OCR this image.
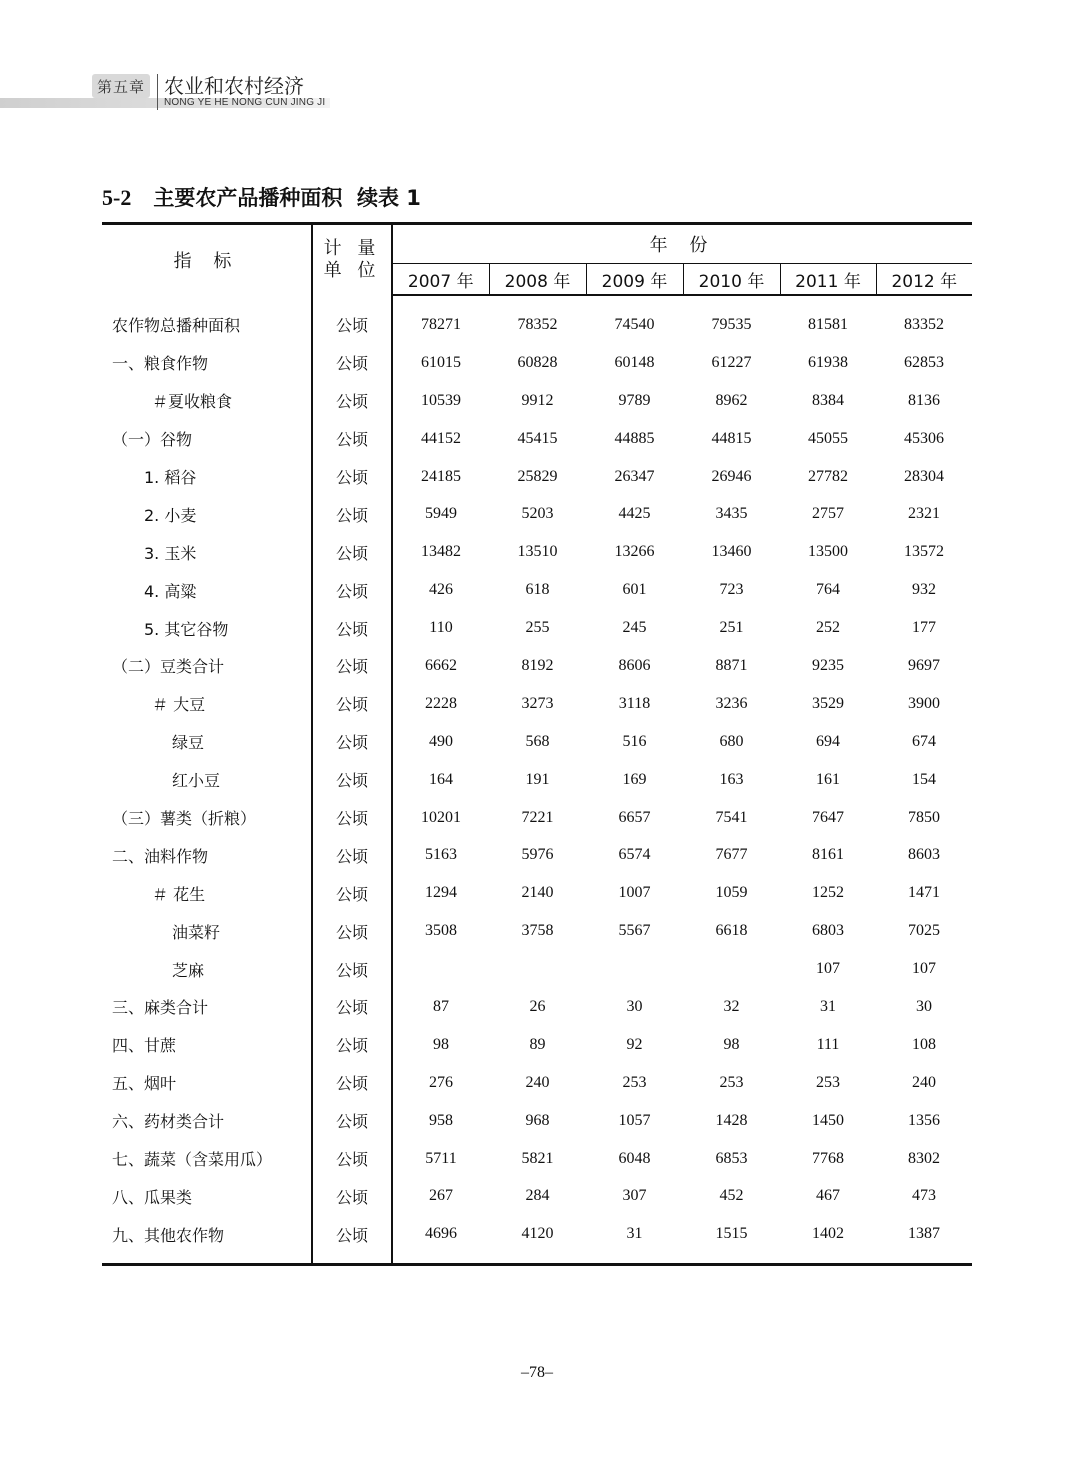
第五章 农业和农村经济
NONG YE HE NONG CUN JING JI
5-2 主要农产品播种面积  续表 1
指 标	计 量
单 位	年 份					
		2007 年	2008 年	2009 年	2010 年	2011 年	2012 年
农作物总播种面积	公顷	78271	78352	74540	79535	81581	83352
一、粮食作物	公顷	61015	60828	60148	61227	61938	62853
＃夏收粮食	公顷	10539	9912	9789	8962	8384	8136
（一）谷物	公顷	44152	45415	44885	44815	45055	45306
1. 稻谷	公顷	24185	25829	26347	26946	27782	28304
2. 小麦	公顷	5949	5203	4425	3435	2757	2321
3. 玉米	公顷	13482	13510	13266	13460	13500	13572
4. 高粱	公顷	426	618	601	723	764	932
5. 其它谷物	公顷	110	255	245	251	252	177
（二）豆类合计	公顷	6662	8192	8606	8871	9235	9697
＃ 大豆	公顷	2228	3273	3118	3236	3529	3900
绿豆	公顷	490	568	516	680	694	674
红小豆	公顷	164	191	169	163	161	154
（三）薯类（折粮）	公顷	10201	7221	6657	7541	7647	7850
二、油料作物	公顷	5163	5976	6574	7677	8161	8603
＃ 花生	公顷	1294	2140	1007	1059	1252	1471
油菜籽	公顷	3508	3758	5567	6618	6803	7025
芝麻	公顷					107	107
三、麻类合计	公顷	87	26	30	32	31	30
四、甘蔗	公顷	98	89	92	98	111	108
五、烟叶	公顷	276	240	253	253	253	240
六、药材类合计	公顷	958	968	1057	1428	1450	1356
七、蔬菜（含菜用瓜）	公顷	5711	5821	6048	6853	7768	8302
八、瓜果类	公顷	267	284	307	452	467	473
九、其他农作物	公顷	4696	4120	31	1515	1402	1387
–78–
